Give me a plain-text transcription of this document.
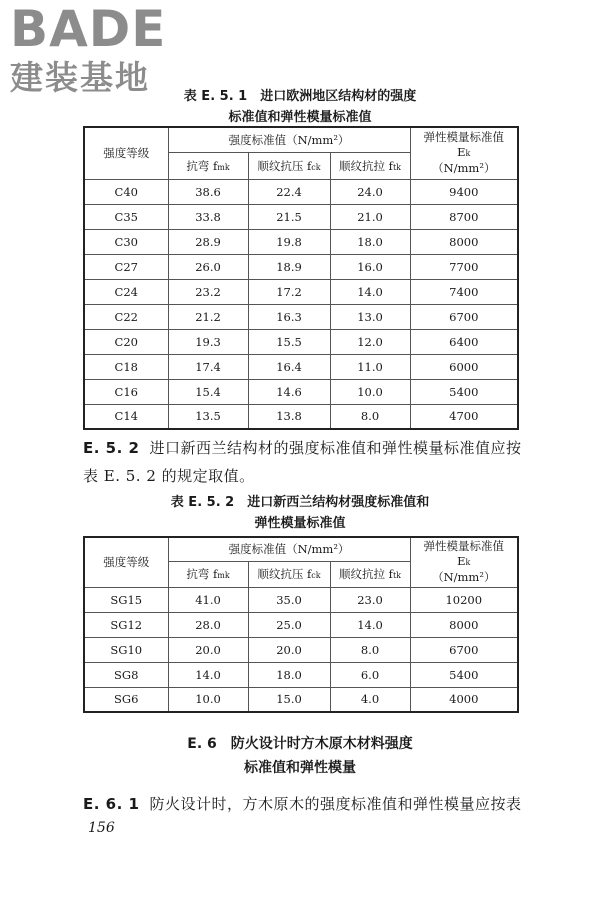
BADE
建装基地	表 E. 5. 1　进口欧洲地区结构材的强度
标准值和弹性模量标准值
强度等级	强度标准值（N/mm²）			弹性模量标准值
Ek
（N/mm²）

	抗弯 fmk	顺纹抗压 fck	顺纹抗拉 ftk	
C40	38.6	22.4	24.0	9400
C35	33.8	21.5	21.0	8700
C30	28.9	19.8	18.0	8000
C27	26.0	18.9	16.0	7700
C24	23.2	17.2	14.0	7400
C22	21.2	16.3	13.0	6700
C20	19.3	15.5	12.0	6400
C18	17.4	16.4	11.0	6000
C16	15.4	14.6	10.0	5400
C14	13.5	13.8	8.0	4700
E. 5. 2 进口新西兰结构材的强度标准值和弹性模量标准值应按
表 E. 5. 2 的规定取值。
表 E. 5. 2　进口新西兰结构材强度标准值和
弹性模量标准值
强度等级	强度标准值（N/mm²）			弹性模量标准值
Ek
（N/mm²）

	抗弯 fmk	顺纹抗压 fck	顺纹抗拉 ftk	
SG15	41.0	35.0	23.0	10200
SG12	28.0	25.0	14.0	8000
SG10	20.0	20.0	8.0	6700
SG8	14.0	18.0	6.0	5400
SG6	10.0	15.0	4.0	4000
E. 6 防火设计时方木原木材料强度
标准值和弹性模量
E. 6. 1 防火设计时，方木原木的强度标准值和弹性模量应按表
156
